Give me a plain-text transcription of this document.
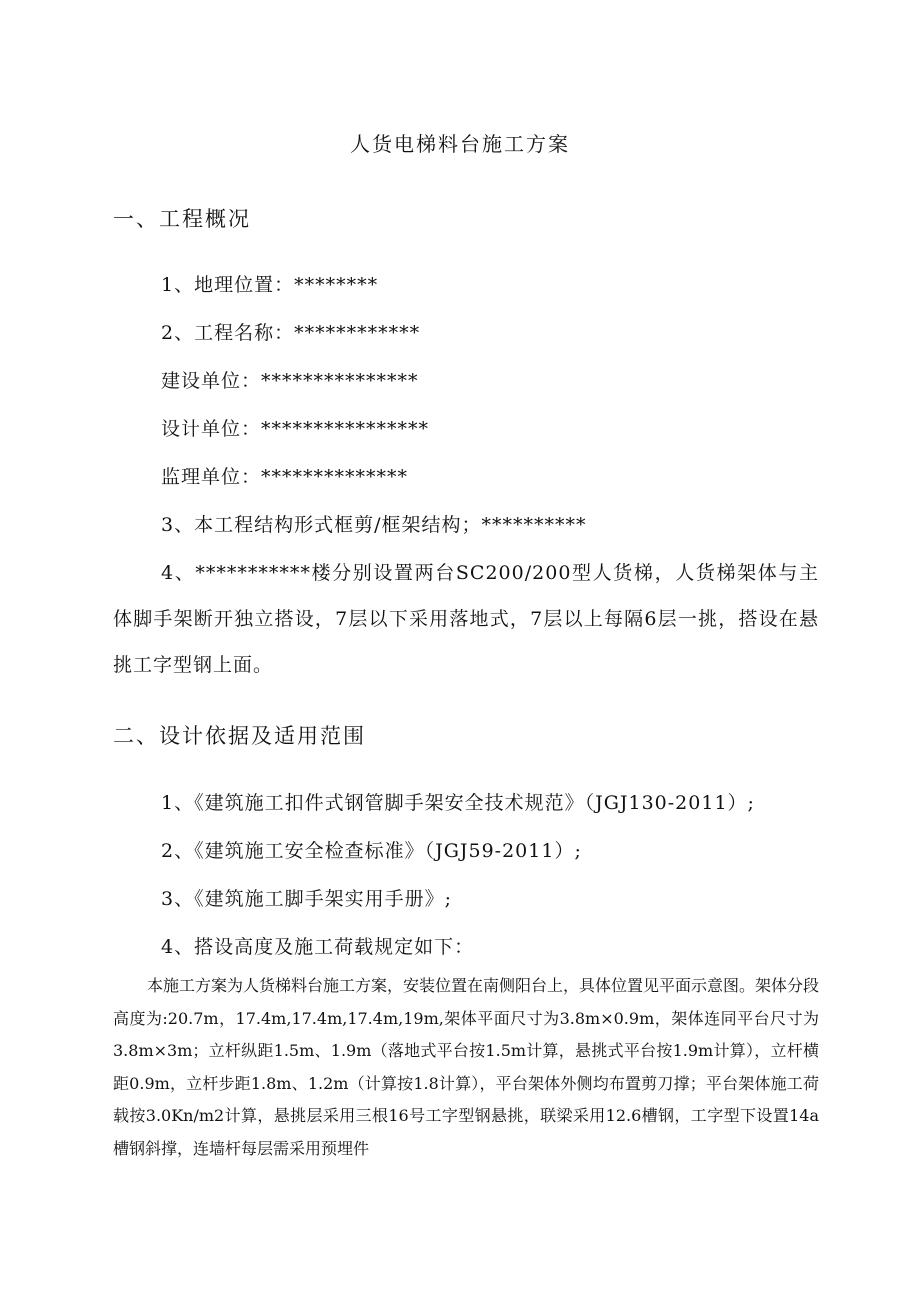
人货电梯料台施工方案
一、工程概况
1、地理位置：********
2、工程名称：************
建设单位：***************
设计单位：****************
监理单位：**************
3、本工程结构形式框剪/框架结构；**********
4、***********楼分别设置两台SC200/200型人货梯，人货梯架体与主体脚手架断开独立搭设，7层以下采用落地式，7层以上每隔6层一挑，搭设在悬挑工字型钢上面。
二、设计依据及适用范围
1、《建筑施工扣件式钢管脚手架安全技术规范》（JGJ130-2011）;
2、《建筑施工安全检查标准》（JGJ59-2011）;
3、《建筑施工脚手架实用手册》;
4、搭设高度及施工荷载规定如下：
本施工方案为人货梯料台施工方案，安装位置在南侧阳台上，具体位置见平面示意图。架体分段高度为:20.7m，17.4m,17.4m,17.4m,19m,架体平面尺寸为3.8m×0.9m，架体连同平台尺寸为3.8m×3m；立杆纵距1.5m、1.9m（落地式平台按1.5m计算，悬挑式平台按1.9m计算），立杆横距0.9m，立杆步距1.8m、1.2m（计算按1.8计算），平台架体外侧均布置剪刀撑；平台架体施工荷载按3.0Kn/m2计算，悬挑层采用三根16号工字型钢悬挑，联梁采用12.6槽钢，工字型下设置14a槽钢斜撑，连墙杆每层需采用预埋件
